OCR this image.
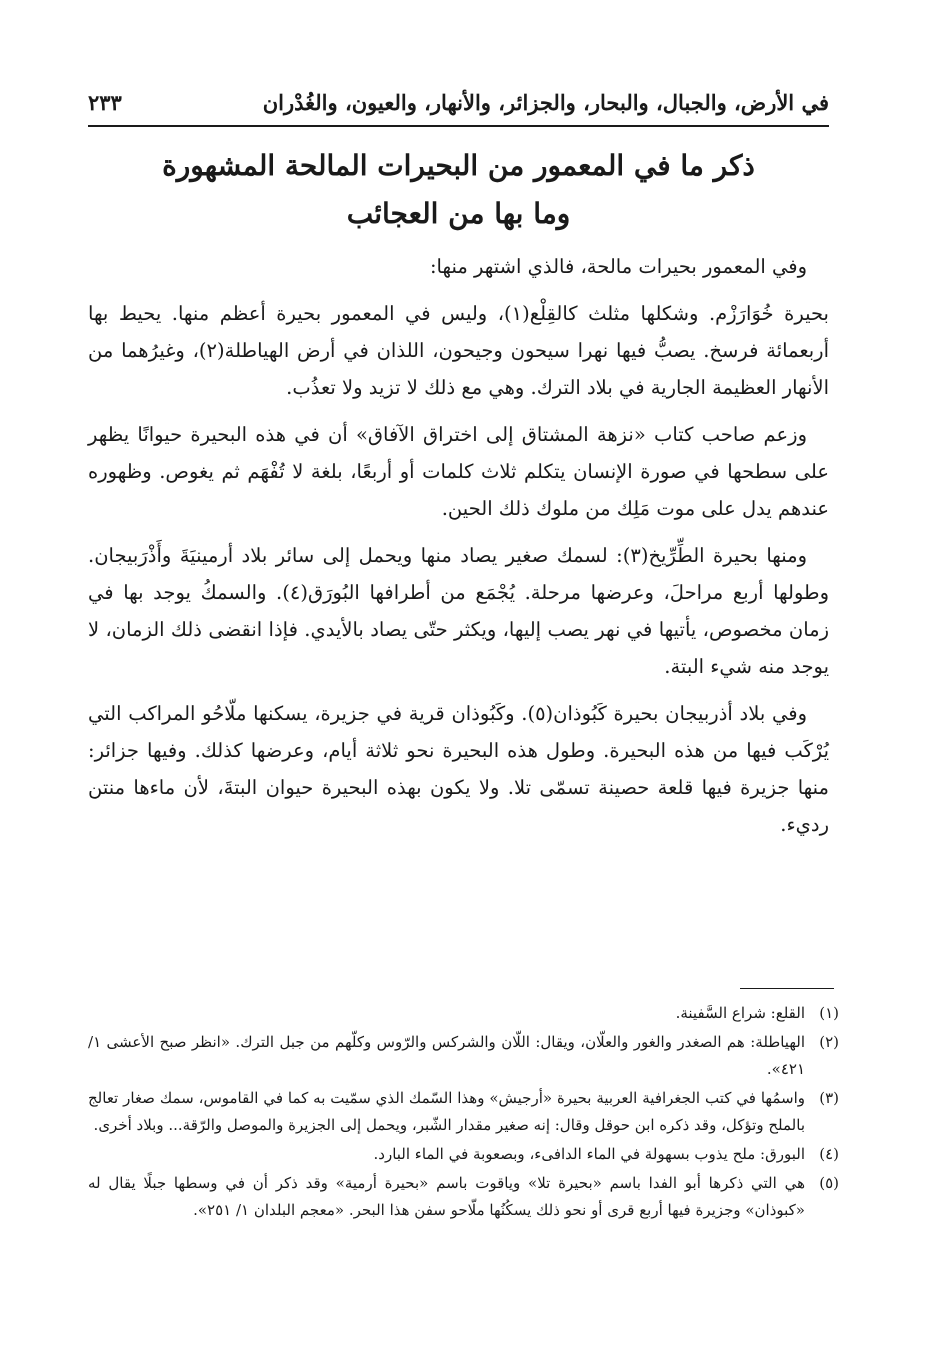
في الأرض، والجبال، والبحار، والجزائر، والأنهار، والعيون، والغُدْران
٢٣٣
ذكر ما في المعمور من البحيرات المالحة المشهورة
وما بها من العجائب

وفي المعمور بحيرات مالحة، فالذي اشتهر منها:

بحيرة خُوَارَزْم. وشكلها مثلث كالقِلْع(١)، وليس في المعمور بحيرة أعظم منها. يحيط بها أربعمائة فرسخ. يصبُّ فيها نهرا سيحون وجيحون، اللذان في أرض الهياطلة(٢)، وغيرُهما من الأنهار العظيمة الجارية في بلاد الترك. وهي مع ذلك لا تزيد ولا تعذُب.

وزعم صاحب كتاب «نزهة المشتاق إلى اختراق الآفاق» أن في هذه البحيرة حيوانًا يظهر على سطحها في صورة الإنسان يتكلم ثلاث كلمات أو أربعًا، بلغة لا تُفْهَم ثم يغوص. وظهوره عندهم يدل على موت مَلِك من ملوك ذلك الحين.

ومنها بحيرة الطِّرِّيخ(٣): لسمك صغير يصاد منها ويحمل إلى سائر بلاد أرمينيَةَ وأَذْرَبيجان. وطولها أربع مراحلَ، وعرضها مرحلة. يُجْمَع من أطرافها البُورَق(٤). والسمكُ يوجد بها في زمان مخصوص، يأتيها في نهر يصب إليها، ويكثر حتّى يصاد بالأيدي. فإذا انقضى ذلك الزمان، لا يوجد منه شيء البتة.

وفي بلاد أذربيجان بحيرة كَبُوذان(٥). وكَبُوذان قرية في جزيرة، يسكنها ملّاحُو المراكب التي يُرْكَب فيها من هذه البحيرة. وطول هذه البحيرة نحو ثلاثة أيام، وعرضها كذلك. وفيها جزائر: منها جزيرة فيها قلعة حصينة تسمّى تلا. ولا يكون بهذه البحيرة حيوان البتةَ، لأن ماءها منتن رديء.

(١)
القلع: شراع السَّفينة.
(٢)
الهياطلة: هم الصغدر والغور والعلّان، ويقال: اللّان والشركس والرّوس وكلّهم من جبل الترك. «انظر صبح الأعشى ١/ ٤٢١».
(٣)
واسمُها في كتب الجغرافية العربية بحيرة «أرجيش» وهذا السّمك الذي سمّيت به كما في القاموس، سمك صغار تعالج بالملح وتؤكل، وقد ذكره ابن حوقل وقال: إنه صغير مقدار الشّبر، ويحمل إلى الجزيرة والموصل والرّقة... وبلاد أخرى.
(٤)
البورق: ملح يذوب بسهولة في الماء الدافىء، وبصعوبة في الماء البارد.
(٥)
هي التي ذكرها أبو الفدا باسم «بحيرة تلا» وياقوت باسم «بحيرة أرمية» وقد ذكر أن في وسطها جبلًا يقال له «كبوذان» وجزيرة فيها أربع قرى أو نحو ذلك يسكُنُها ملّاحو سفن هذا البحر. «معجم البلدان ١/ ٢٥١».
